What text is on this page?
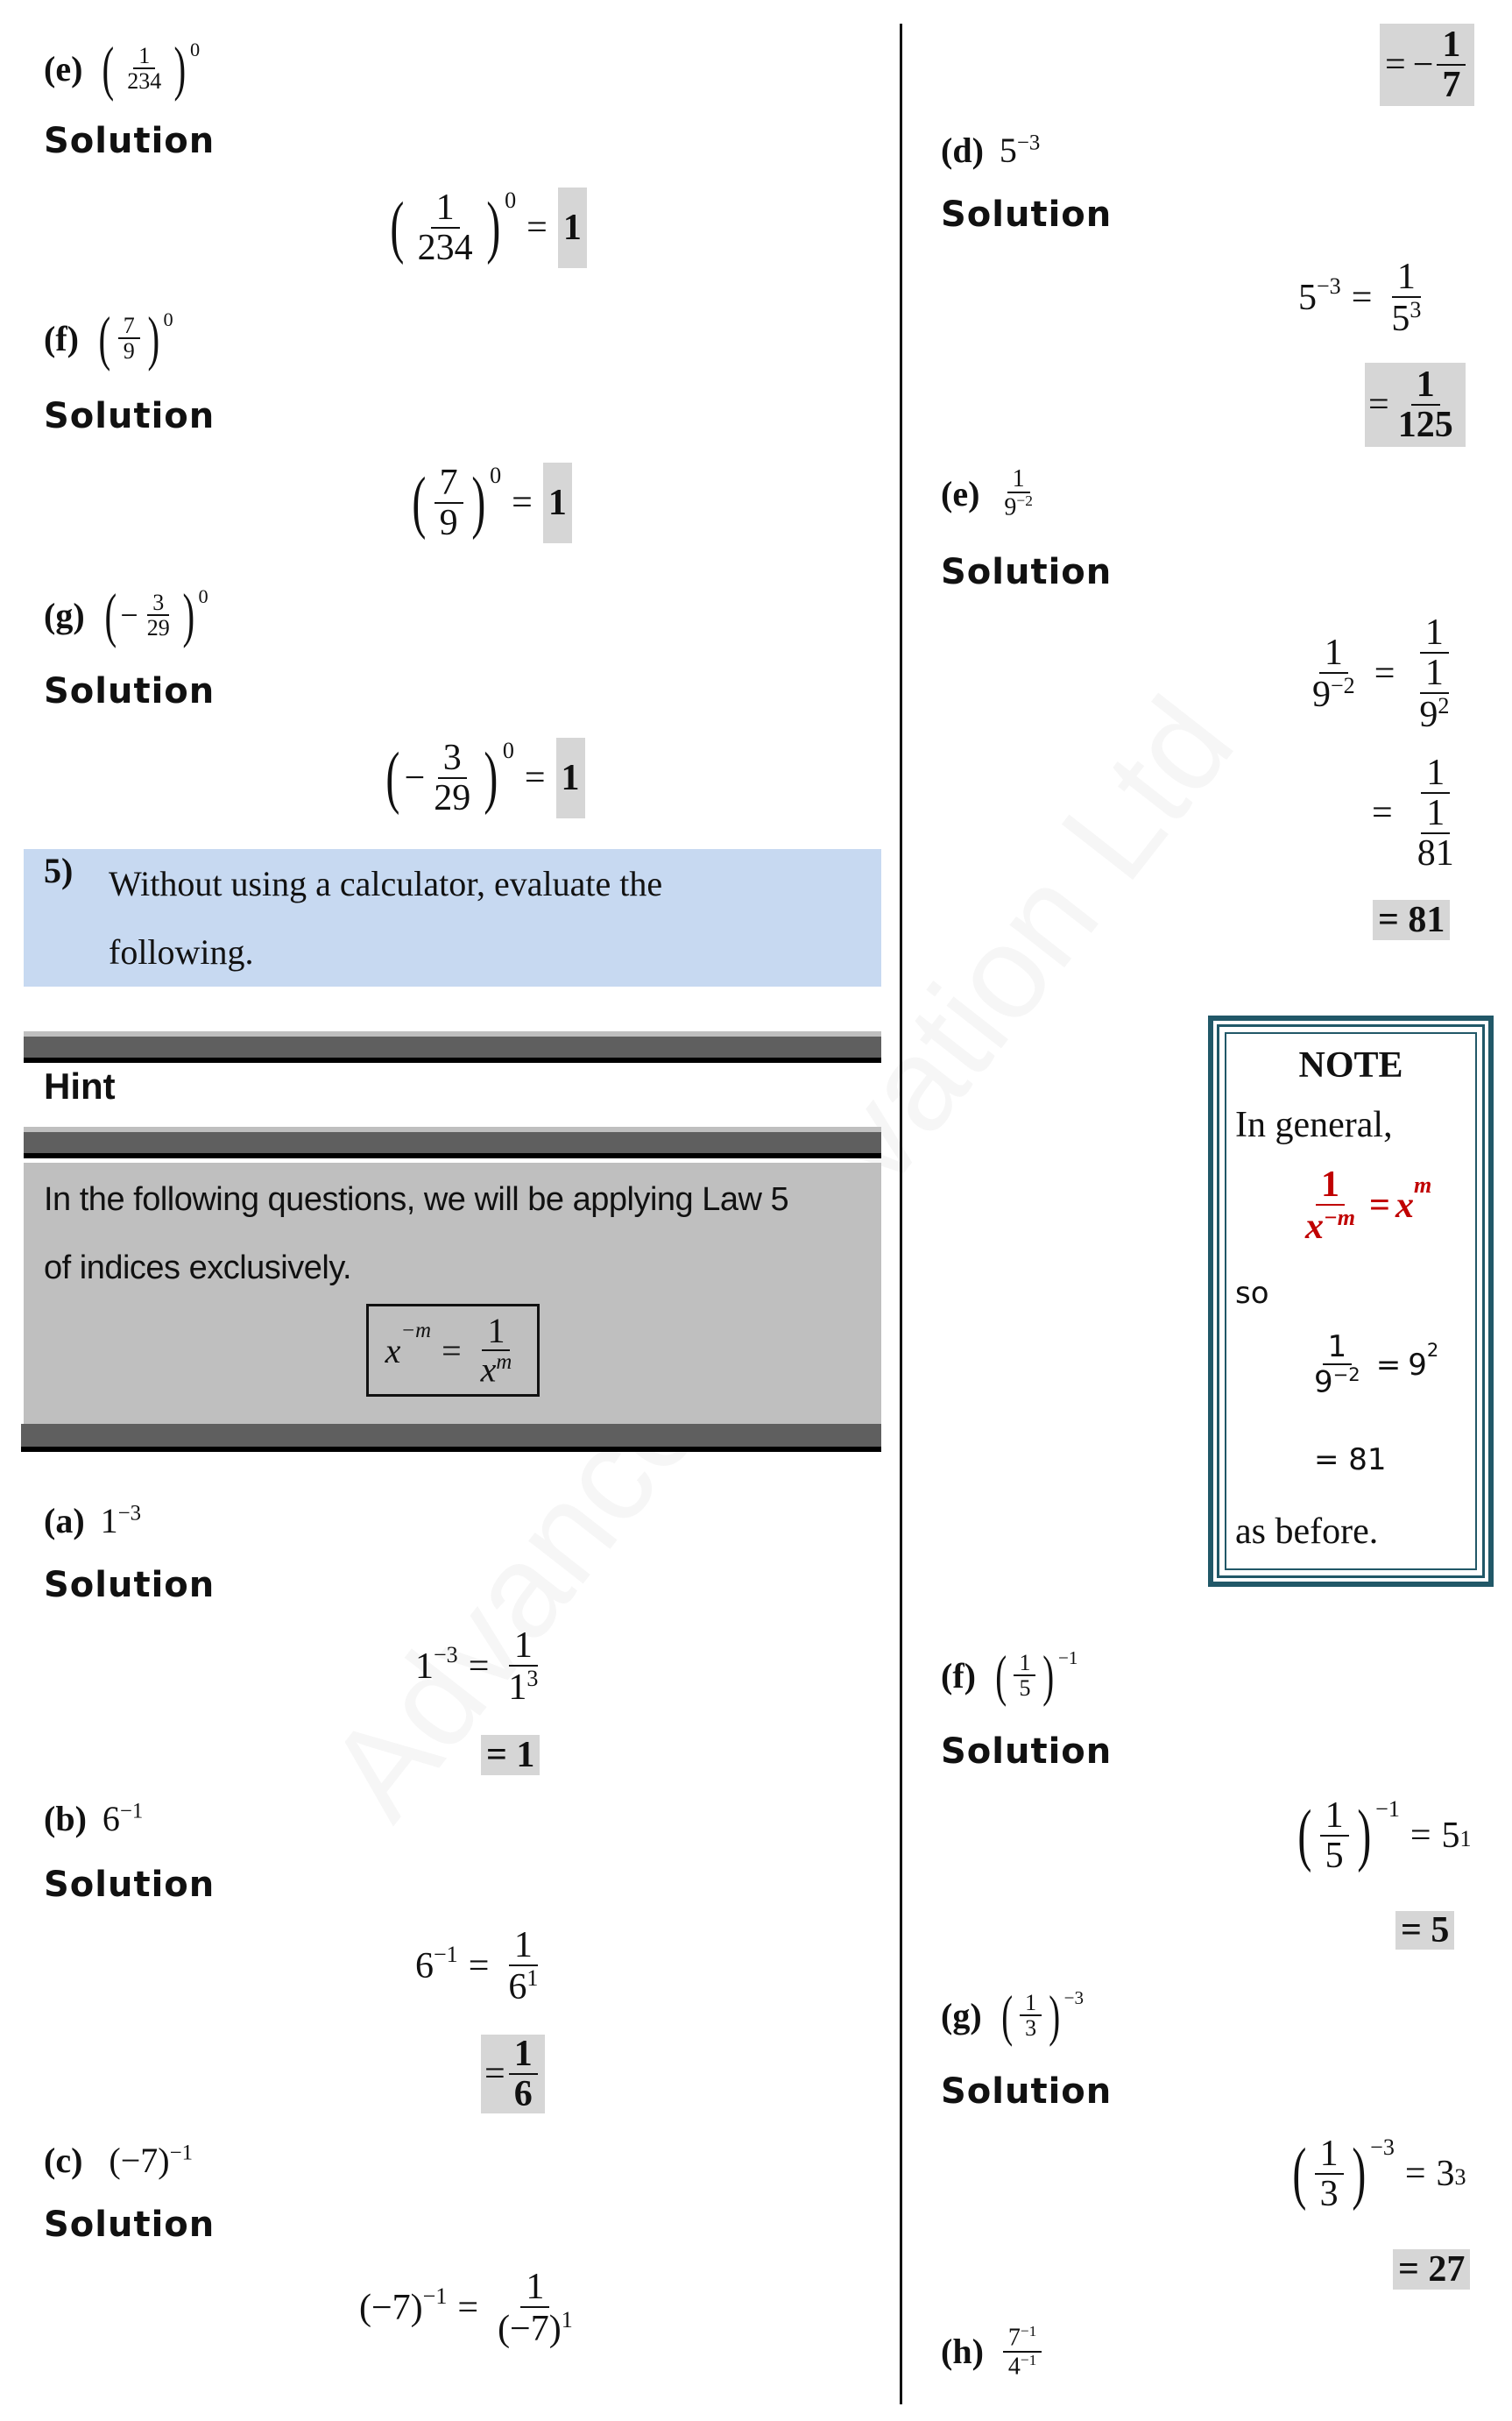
(e) ( $\frac{1}{234} )^0$
Solution
( $\frac{1}{234} )^0$
= 1
(f) ( $\frac{7}{9} )^0$
Solution
( $\frac{7}{9} )^0$
= 1
(g) ( − $\frac{3}{29} )^0$
Solution
( − $\frac{3}{29} )^0$
= 1
5) Without using a calculator, evaluate the
following.
Hint
In the following questions, we will be applying Law 5
of indices exclusively.
$x^{-m} = \frac{1}{x^m}$
(a) $1^{-3}$
Solution
$1^{-3} = \frac{1}{1^3}$
= 1
(b) $6^{-1}$
Solution
$6^{-1} = \frac{1}{6^1}$
= $\frac{1}{6}$
(c) $(-7)^{-1}$
Solution
$(-7)^{-1} = \frac{1}{(-7)^1}$
= − $\frac{1}{7}$
(d) $5^{-3}$
Solution
$5^{-3} = \frac{1}{5^3}$
= $\frac{1}{125}$
$(e) \frac{1}{9^{-2}}$
Solution
$\frac{1}{9^{-2}} = \frac{1}{\frac{1}{9^2}}$
= $\frac{1}{\frac{1}{81}}$
= 81
NOTE
In general,
$\frac{1}{x^{-m}} = x$
$^m$
so
$\frac{1}{9^{-2}} = 9^2$
= 81
as before.
(f) ( $\frac{1}{5} )^{-1}$
Solution
( $\frac{1}{5} )^{-1}$
= 5 1
= 5
(g) ( $\frac{1}{3} )^{-3}$
Solution
( $\frac{1}{3} )^{-3}$
= 3 3
= 27
$(h) \frac{7^{-1}}{4^{-1}}$
